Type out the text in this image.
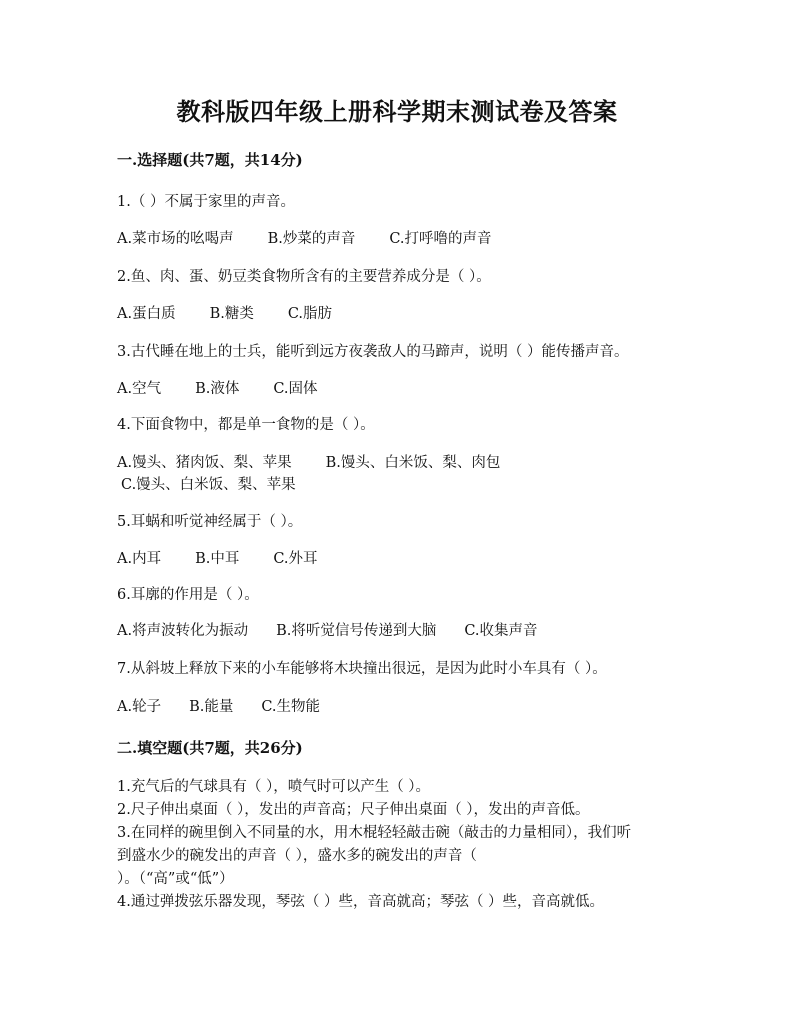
教科版四年级上册科学期末测试卷及答案
一.选择题(共7题，共14分)
1.（ ）不属于家里的声音。
A.菜市场的吆喝声 B.炒菜的声音 C.打呼噜的声音
2.鱼、肉、蛋、奶豆类食物所含有的主要营养成分是（ ）。
A.蛋白质 B.糖类 C.脂肪
3.古代睡在地上的士兵，能听到远方夜袭敌人的马蹄声，说明（ ）能传播声音。
A.空气 B.液体 C.固体
4.下面食物中，都是单一食物的是（ ）。
A.馒头、猪肉饭、梨、苹果 B.馒头、白米饭、梨、肉包
C.馒头、白米饭、梨、苹果
5.耳蜗和听觉神经属于（ ）。
A.内耳 B.中耳 C.外耳
6.耳廓的作用是（ ）。
A.将声波转化为振动 B.将听觉信号传递到大脑 C.收集声音
7.从斜坡上释放下来的小车能够将木块撞出很远，是因为此时小车具有（ ）。
A.轮子 B.能量 C.生物能
二.填空题(共7题，共26分)
1.充气后的气球具有（ ），喷气时可以产生（ ）。
2.尺子伸出桌面（ ），发出的声音高；尺子伸出桌面（ ），发出的声音低。
3.在同样的碗里倒入不同量的水，用木棍轻轻敲击碗（敲击的力量相同），我们听
到盛水少的碗发出的声音（ ），盛水多的碗发出的声音（
）。（“高”或“低”）
4.通过弹拨弦乐器发现，琴弦（ ）些，音高就高；琴弦（ ）些，音高就低。
